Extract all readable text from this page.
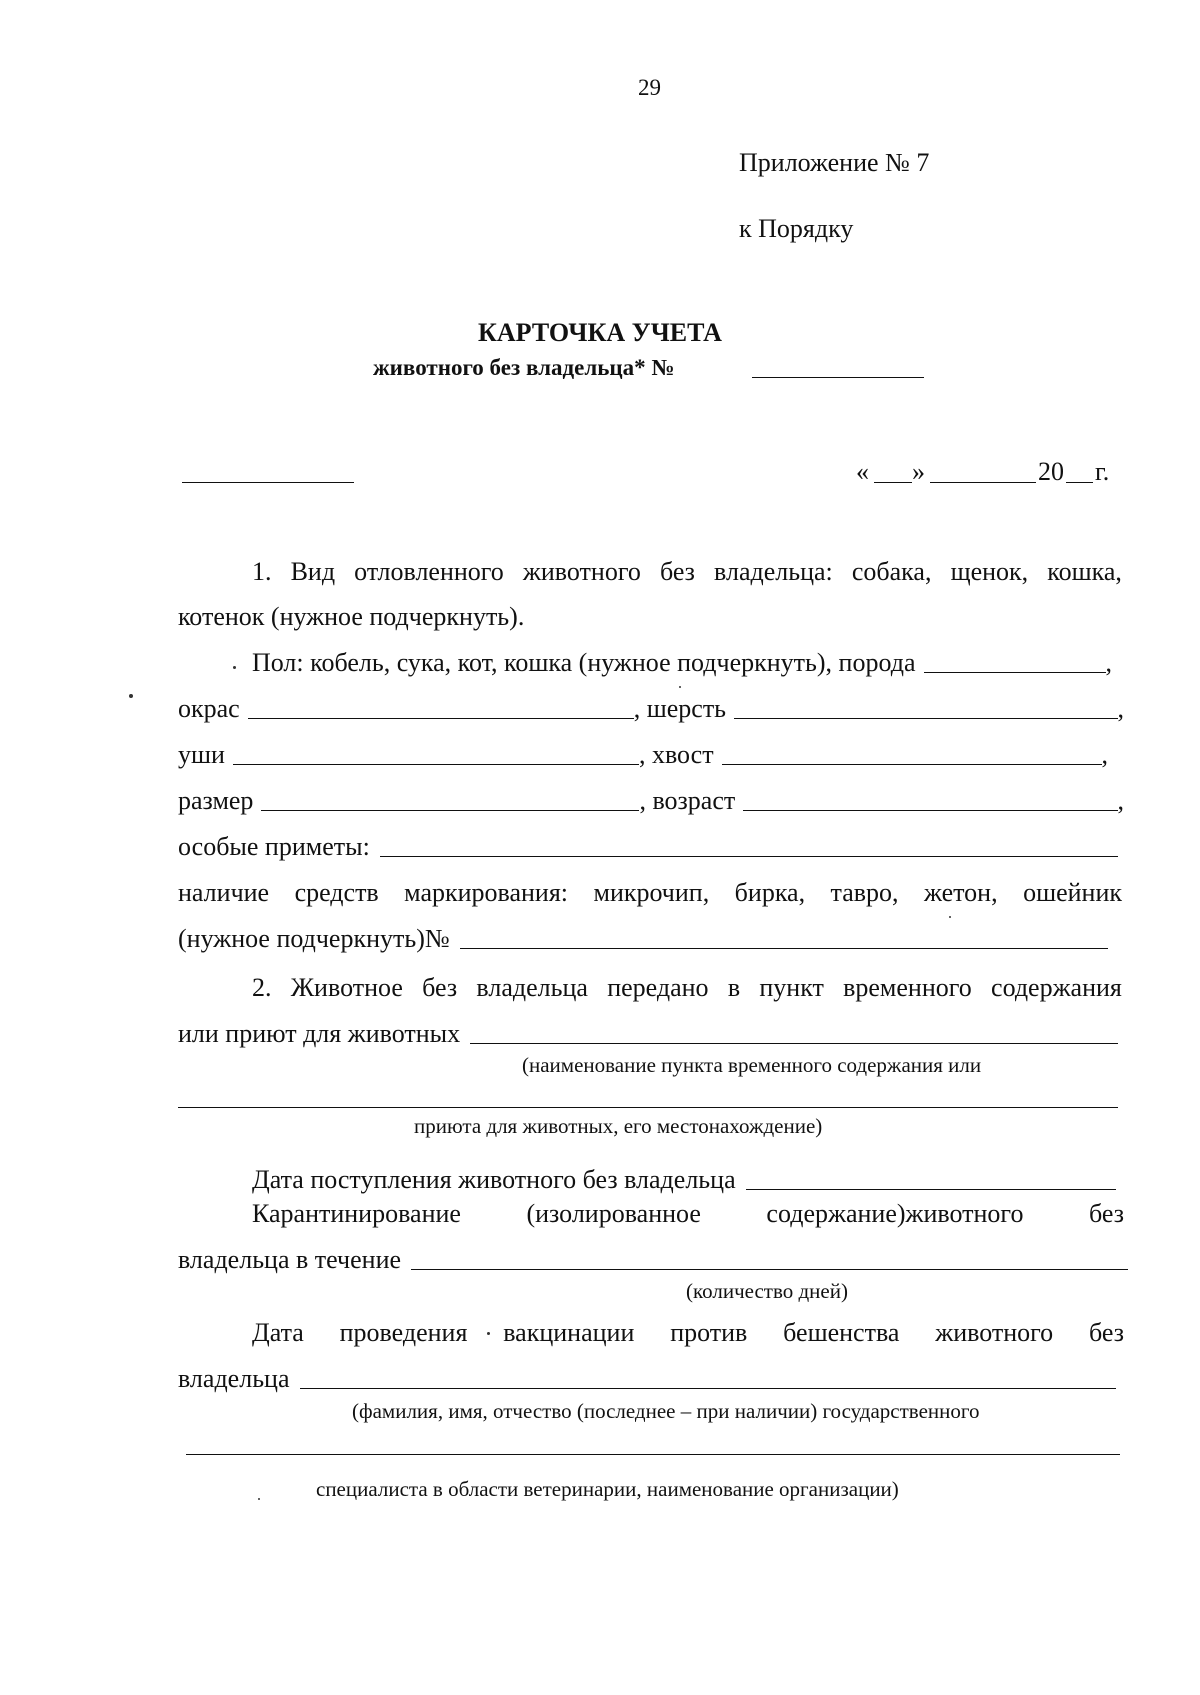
29
Приложение № 7
к Порядку
КАРТОЧКА УЧЕТА
животного без владельца* №
« »	20 г.
1. Вид отловленного животного без владельца: собака, щенок, кошка,
котенок (нужное подчеркнуть).
Пол: кобель, сука, кот, кошка (нужное подчеркнуть), порода	,
окрас	, шерсть	,
уши	, хвост	,
размер	, возраст	,
особые приметы:
наличие средств маркирования: микрочип, бирка, тавро, жетон, ошейник
(нужное подчеркнуть)№
2. Животное без владельца передано в пункт временного содержания
или приют для животных
(наименование пункта временного содержания или
приюта для животных, его местонахождение)
Дата поступления животного без владельца
Карантинирование	(изолированное	содержание)животного	без
владельца в течение
(количество дней)
Дата проведения вакцинации против бешенства животного без
владельца
(фамилия, имя, отчество (последнее – при наличии) государственного
специалиста в области ветеринарии, наименование организации)
